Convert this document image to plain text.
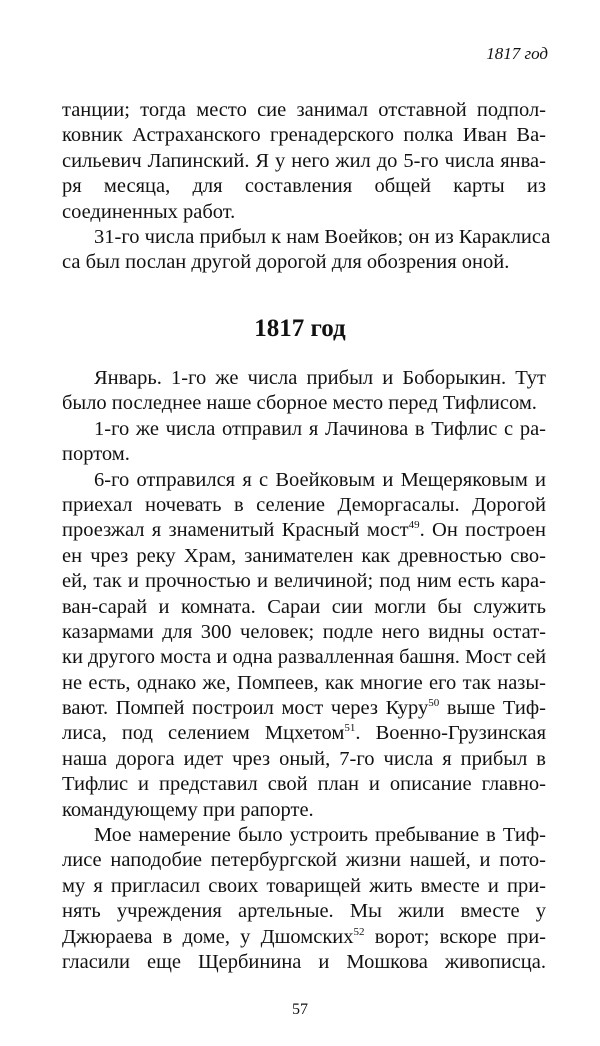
1817 год
танции; тогда место сие занимал отставной подпол-
ковник Астраханского гренадерского полка Иван Ва-
сильевич Лапинский. Я у него жил до 5-го числа янва-
ря месяца, для составления общей карты из
соединенных работ.
31-го числа прибыл к нам Воейков; он из Караклиса
са был послан другой дорогой для обозрения оной.
1817 год
Январь. 1-го же числа прибыл и Боборыкин. Тут
было последнее наше сборное место перед Тифлисом.
1-го же числа отправил я Лачинова в Тифлис с ра-
портом.
6-го отправился я с Воейковым и Мещеряковым и
приехал ночевать в селение Деморгасалы. Дорогой
проезжал я знаменитый Красный мост$^{49}$. Он построен
ен чрез реку Храм, занимателен как древностью сво-
ей, так и прочностью и величиной; под ним есть кара-
ван-сарай и комната. Сараи сии могли бы служить
казармами для 300 человек; подле него видны остат-
ки другого моста и одна развалленная башня. Мост сей
не есть, однако же, Помпеев, как многие его так назы-
вают. Помпей построил мост через Куру$^{50}$ выше Тиф-
лиса, под селением Мцхетом$^{51}$. Военно-Грузинская
наша дорога идет чрез оный, 7-го числа я прибыл в
Тифлис и представил свой план и описание главно-
командующему при рапорте.
Мое намерение было устроить пребывание в Тиф-
лисе наподобие петербургской жизни нашей, и пото-
му я пригласил своих товарищей жить вместе и при-
нять учреждения артельные. Мы жили вместе у
Джюраева в доме, у Дшомских$^{52}$ ворот; вскоре при-
гласили еще Щербинина и Мошкова живописца.
57
